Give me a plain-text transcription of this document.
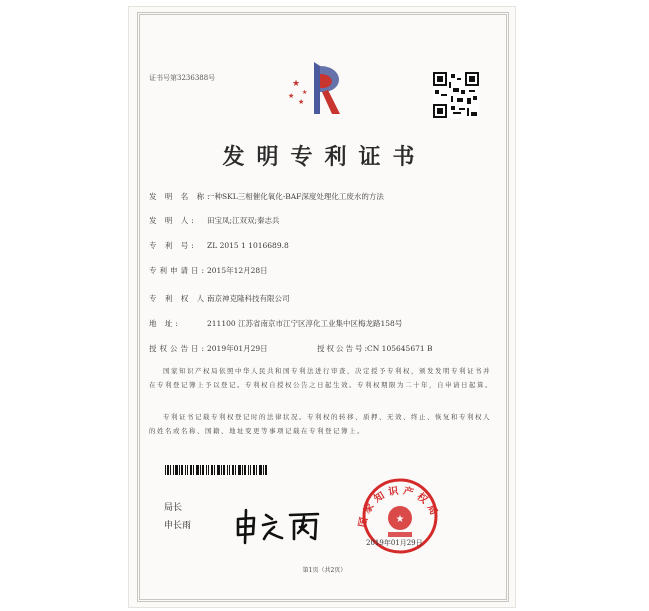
证书号第3236388号
★
★
★
★
发明专利证书
发 明 名 称:一种SKL三相催化氧化-BAF深度处理化工废水的方法
发 明 人: 田宝凤;江双双;秦志兵
专 利 号: ZL 2015 1 1016689.8
专利申请日:2015年12月28日
专 利 权 人:南京神克隆科技有限公司
地 址:	211100 江苏省南京市江宁区淳化工业集中区梅龙路158号
授权公告日:2019年01月29日	授权公告号:CN 105645671 B
国家知识产权局依照中华人民共和国专利法进行审查，决定授予专利权，颁发发明专利证书并在专利登记簿上予以登记。专利权自授权公告之日起生效。专利权期限为二十年，自申请日起算。
专利证书记载专利权登记时的法律状况。专利权的转移、质押、无效、终止、恢复和专利权人的姓名或名称、国籍、地址变更等事项记载在专利登记簿上。
局长
申长雨	国家知识产权局
★
2019年01月29日
第1页（共2页）
